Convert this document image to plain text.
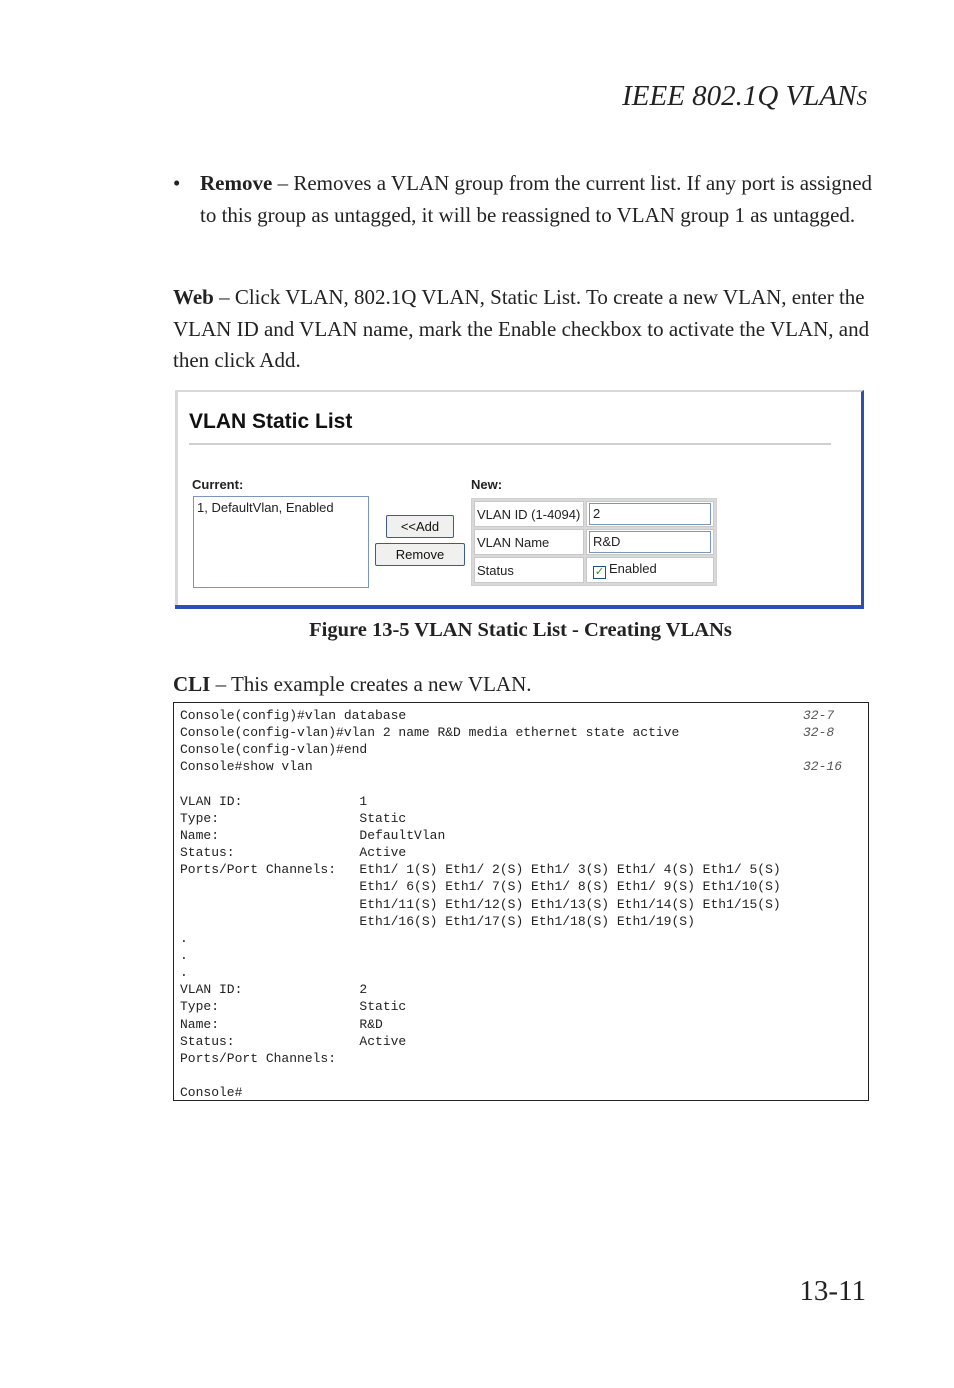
IEEE 802.1Q VLANS
• Remove – Removes a VLAN group from the current list. If any port is assigned to this group as untagged, it will be reassigned to VLAN group 1 as untagged.
Web – Click VLAN, 802.1Q VLAN, Static List. To create a new VLAN, enter the VLAN ID and VLAN name, mark the Enable checkbox to activate the VLAN, and then click Add.
VLAN Static List
Current:
1, DefaultVlan, Enabled
<<Add
Remove
New:
VLAN ID (1-4094)	2

VLAN Name	R&D

Status	✓ Enabled
Figure 13-5 VLAN Static List - Creating VLANs
CLI – This example creates a new VLAN.
Console(config)#vlan database	32-7
Console(config-vlan)#vlan 2 name R&D media ethernet state active	32-8
Console(config-vlan)#end
Console#show vlan	32-16
VLAN ID:               1
Type:                  Static
Name:                  DefaultVlan
Status:                Active
Ports/Port Channels:   Eth1/ 1(S) Eth1/ 2(S) Eth1/ 3(S) Eth1/ 4(S) Eth1/ 5(S)
Eth1/ 6(S) Eth1/ 7(S) Eth1/ 8(S) Eth1/ 9(S) Eth1/10(S)
Eth1/11(S) Eth1/12(S) Eth1/13(S) Eth1/14(S) Eth1/15(S)
Eth1/16(S) Eth1/17(S) Eth1/18(S) Eth1/19(S)
.
.
.
VLAN ID:               2
Type:                  Static
Name:                  R&D
Status:                Active
Ports/Port Channels:
Console#
13-11
